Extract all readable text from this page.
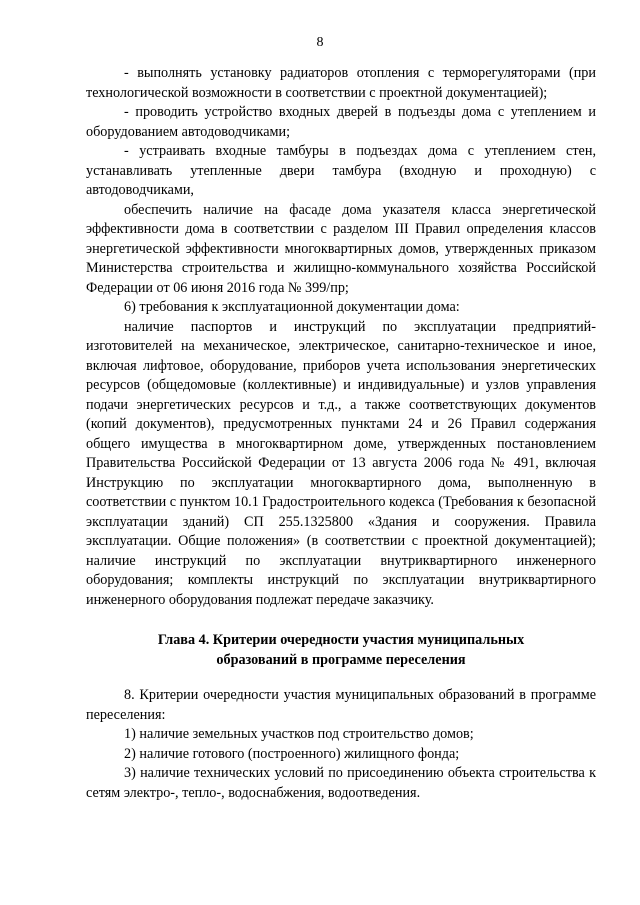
8

- выполнять установку радиаторов отопления с терморегуляторами (при технологической возможности в соответствии с проектной документацией);

- проводить устройство входных дверей в подъезды дома с утеплением и оборудованием автодоводчиками;

- устраивать входные тамбуры в подъездах дома с утеплением стен, устанавливать утепленные двери тамбура (входную и проходную) с автодоводчиками,

обеспечить наличие на фасаде дома указателя класса энергетической эффективности дома в соответствии с разделом III Правил определения классов энергетической эффективности многоквартирных домов, утвержденных приказом Министерства строительства и жилищно-коммунального хозяйства Российской Федерации от 06 июня 2016 года № 399/пр;

6) требования к эксплуатационной документации дома:

наличие паспортов и инструкций по эксплуатации предприятий-изготовителей на механическое, электрическое, санитарно-техническое и иное, включая лифтовое, оборудование, приборов учета использования энергетических ресурсов (общедомовые (коллективные) и индивидуальные) и узлов управления подачи энергетических ресурсов и т.д., а также соответствующих документов (копий документов), предусмотренных пунктами 24 и 26 Правил содержания общего имущества в многоквартирном доме, утвержденных постановлением Правительства Российской Федерации от 13 августа 2006 года № 491, включая Инструкцию по эксплуатации многоквартирного дома, выполненную в соответствии с пунктом 10.1 Градостроительного кодекса (Требования к безопасной эксплуатации зданий) СП 255.1325800 «Здания и сооружения. Правила эксплуатации. Общие положения» (в соответствии с проектной документацией); наличие инструкций по эксплуатации внутриквартирного инженерного оборудования; комплекты инструкций по эксплуатации внутриквартирного инженерного оборудования подлежат передаче заказчику.

Глава 4. Критерии очередности участия муниципальных
образований в программе переселения

8. Критерии очередности участия муниципальных образований в программе переселения:

1) наличие земельных участков под строительство домов;

2) наличие готового (построенного) жилищного фонда;

3) наличие технических условий по присоединению объекта строительства к сетям электро-, тепло-, водоснабжения, водоотведения.
